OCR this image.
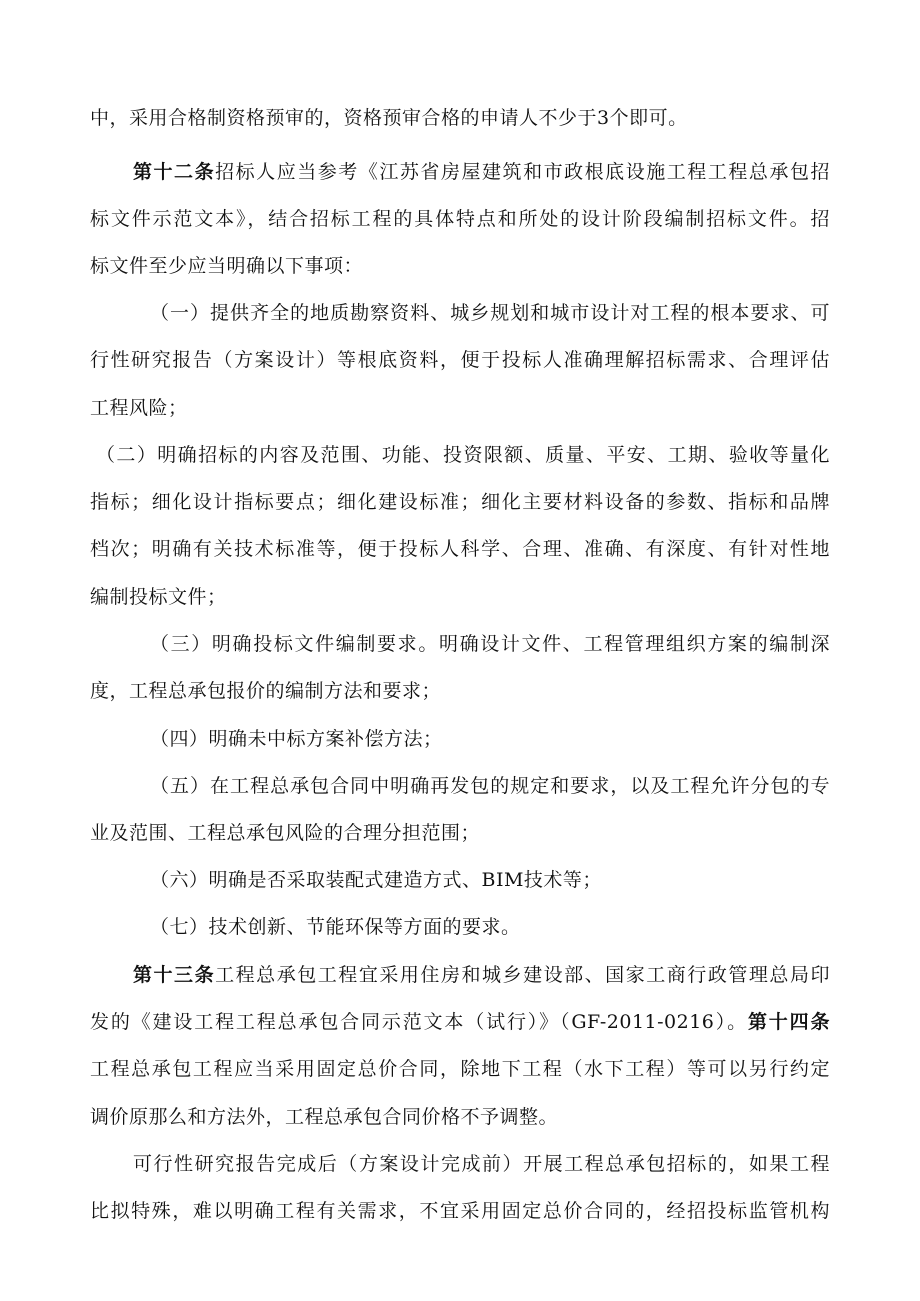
中，采用合格制资格预审的，资格预审合格的申请人不少于3个即可。
第十二条招标人应当参考《江苏省房屋建筑和市政根底设施工程工程总承包招
标文件示范文本》，结合招标工程的具体特点和所处的设计阶段编制招标文件。招
标文件至少应当明确以下事项：
（一）提供齐全的地质勘察资料、城乡规划和城市设计对工程的根本要求、可
行性研究报告（方案设计）等根底资料，便于投标人准确理解招标需求、合理评估
工程风险；
（二）明确招标的内容及范围、功能、投资限额、质量、平安、工期、验收等量化
指标；细化设计指标要点；细化建设标准；细化主要材料设备的参数、指标和品牌
档次；明确有关技术标准等，便于投标人科学、合理、准确、有深度、有针对性地
编制投标文件；
（三）明确投标文件编制要求。明确设计文件、工程管理组织方案的编制深
度，工程总承包报价的编制方法和要求；
（四）明确未中标方案补偿方法；
（五）在工程总承包合同中明确再发包的规定和要求，以及工程允许分包的专
业及范围、工程总承包风险的合理分担范围；
（六）明确是否采取装配式建造方式、BIM技术等；
（七）技术创新、节能环保等方面的要求。
第十三条工程总承包工程宜采用住房和城乡建设部、国家工商行政管理总局印
发的《建设工程工程总承包合同示范文本（试行）》（GF-2011-0216）。第十四条
工程总承包工程应当采用固定总价合同，除地下工程（水下工程）等可以另行约定
调价原那么和方法外，工程总承包合同价格不予调整。
可行性研究报告完成后（方案设计完成前）开展工程总承包招标的，如果工程
比拟特殊，难以明确工程有关需求，不宜采用固定总价合同的，经招投标监管机构
